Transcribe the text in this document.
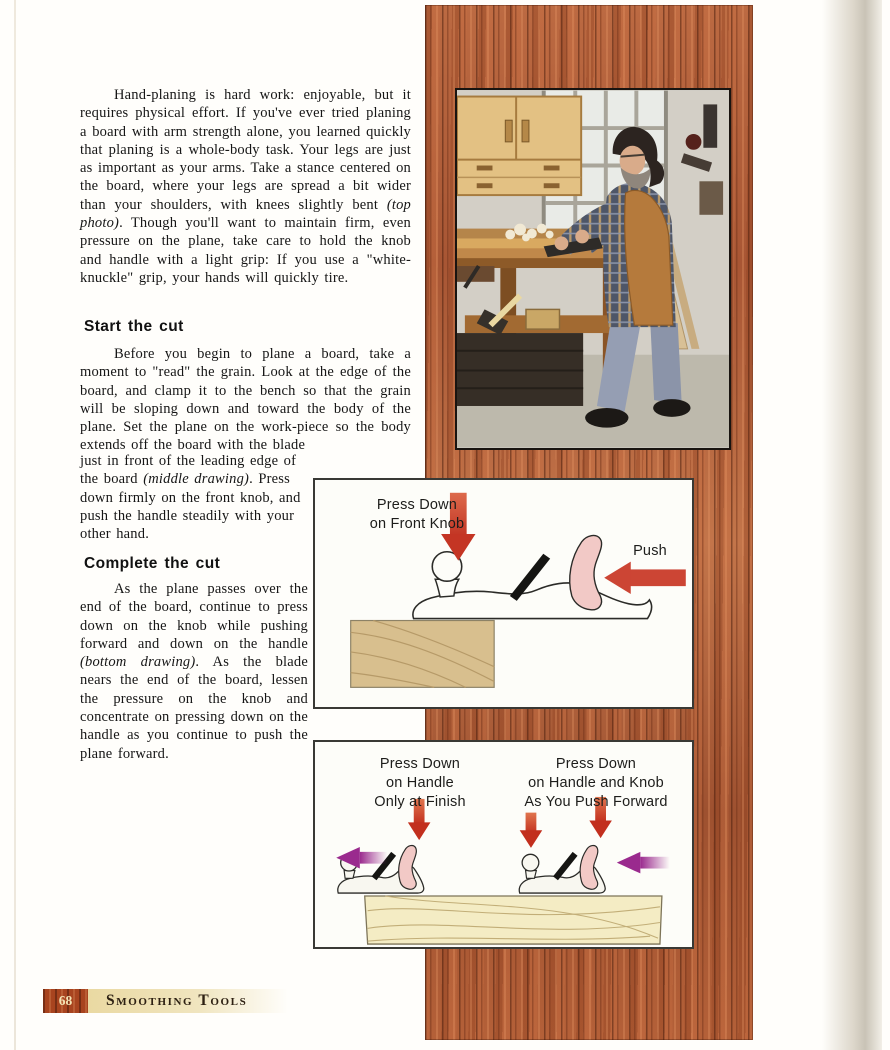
Hand-planing is hard work: enjoyable, but it requires physical effort. If you've ever tried planing a board with arm strength alone, you learned quickly that planing is a whole-body task. Your legs are just as important as your arms. Take a stance centered on the board, where your legs are spread a bit wider than your shoulders, with knees slightly bent (top photo). Though you'll want to maintain firm, even pressure on the plane, take care to hold the knob and handle with a light grip: If you use a "white-knuckle" grip, your hands will quickly tire.

Start the cut

Before you begin to plane a board, take a moment to "read" the grain. Look at the edge of the board, and clamp it to the bench so that the grain will be sloping down and toward the body of the plane. Set the plane on the work-piece so the body extends off the board with the blade

just in front of the leading edge of the board (middle drawing). Press down firmly on the front knob, and push the handle steadily with your other hand.

Complete the cut

As the plane passes over the end of the board, continue to press down on the knob while pushing forward and down on the handle (bottom drawing). As the blade nears the end of the board, lessen the pressure on the knob and concentrate on pressing down on the handle as you continue to push the plane forward.

Press Down
on Front Knob
Push
Press Down
on Handle
Only at Finish
Press Down
on Handle and Knob
As You Push Forward
68 Smoothing Tools
